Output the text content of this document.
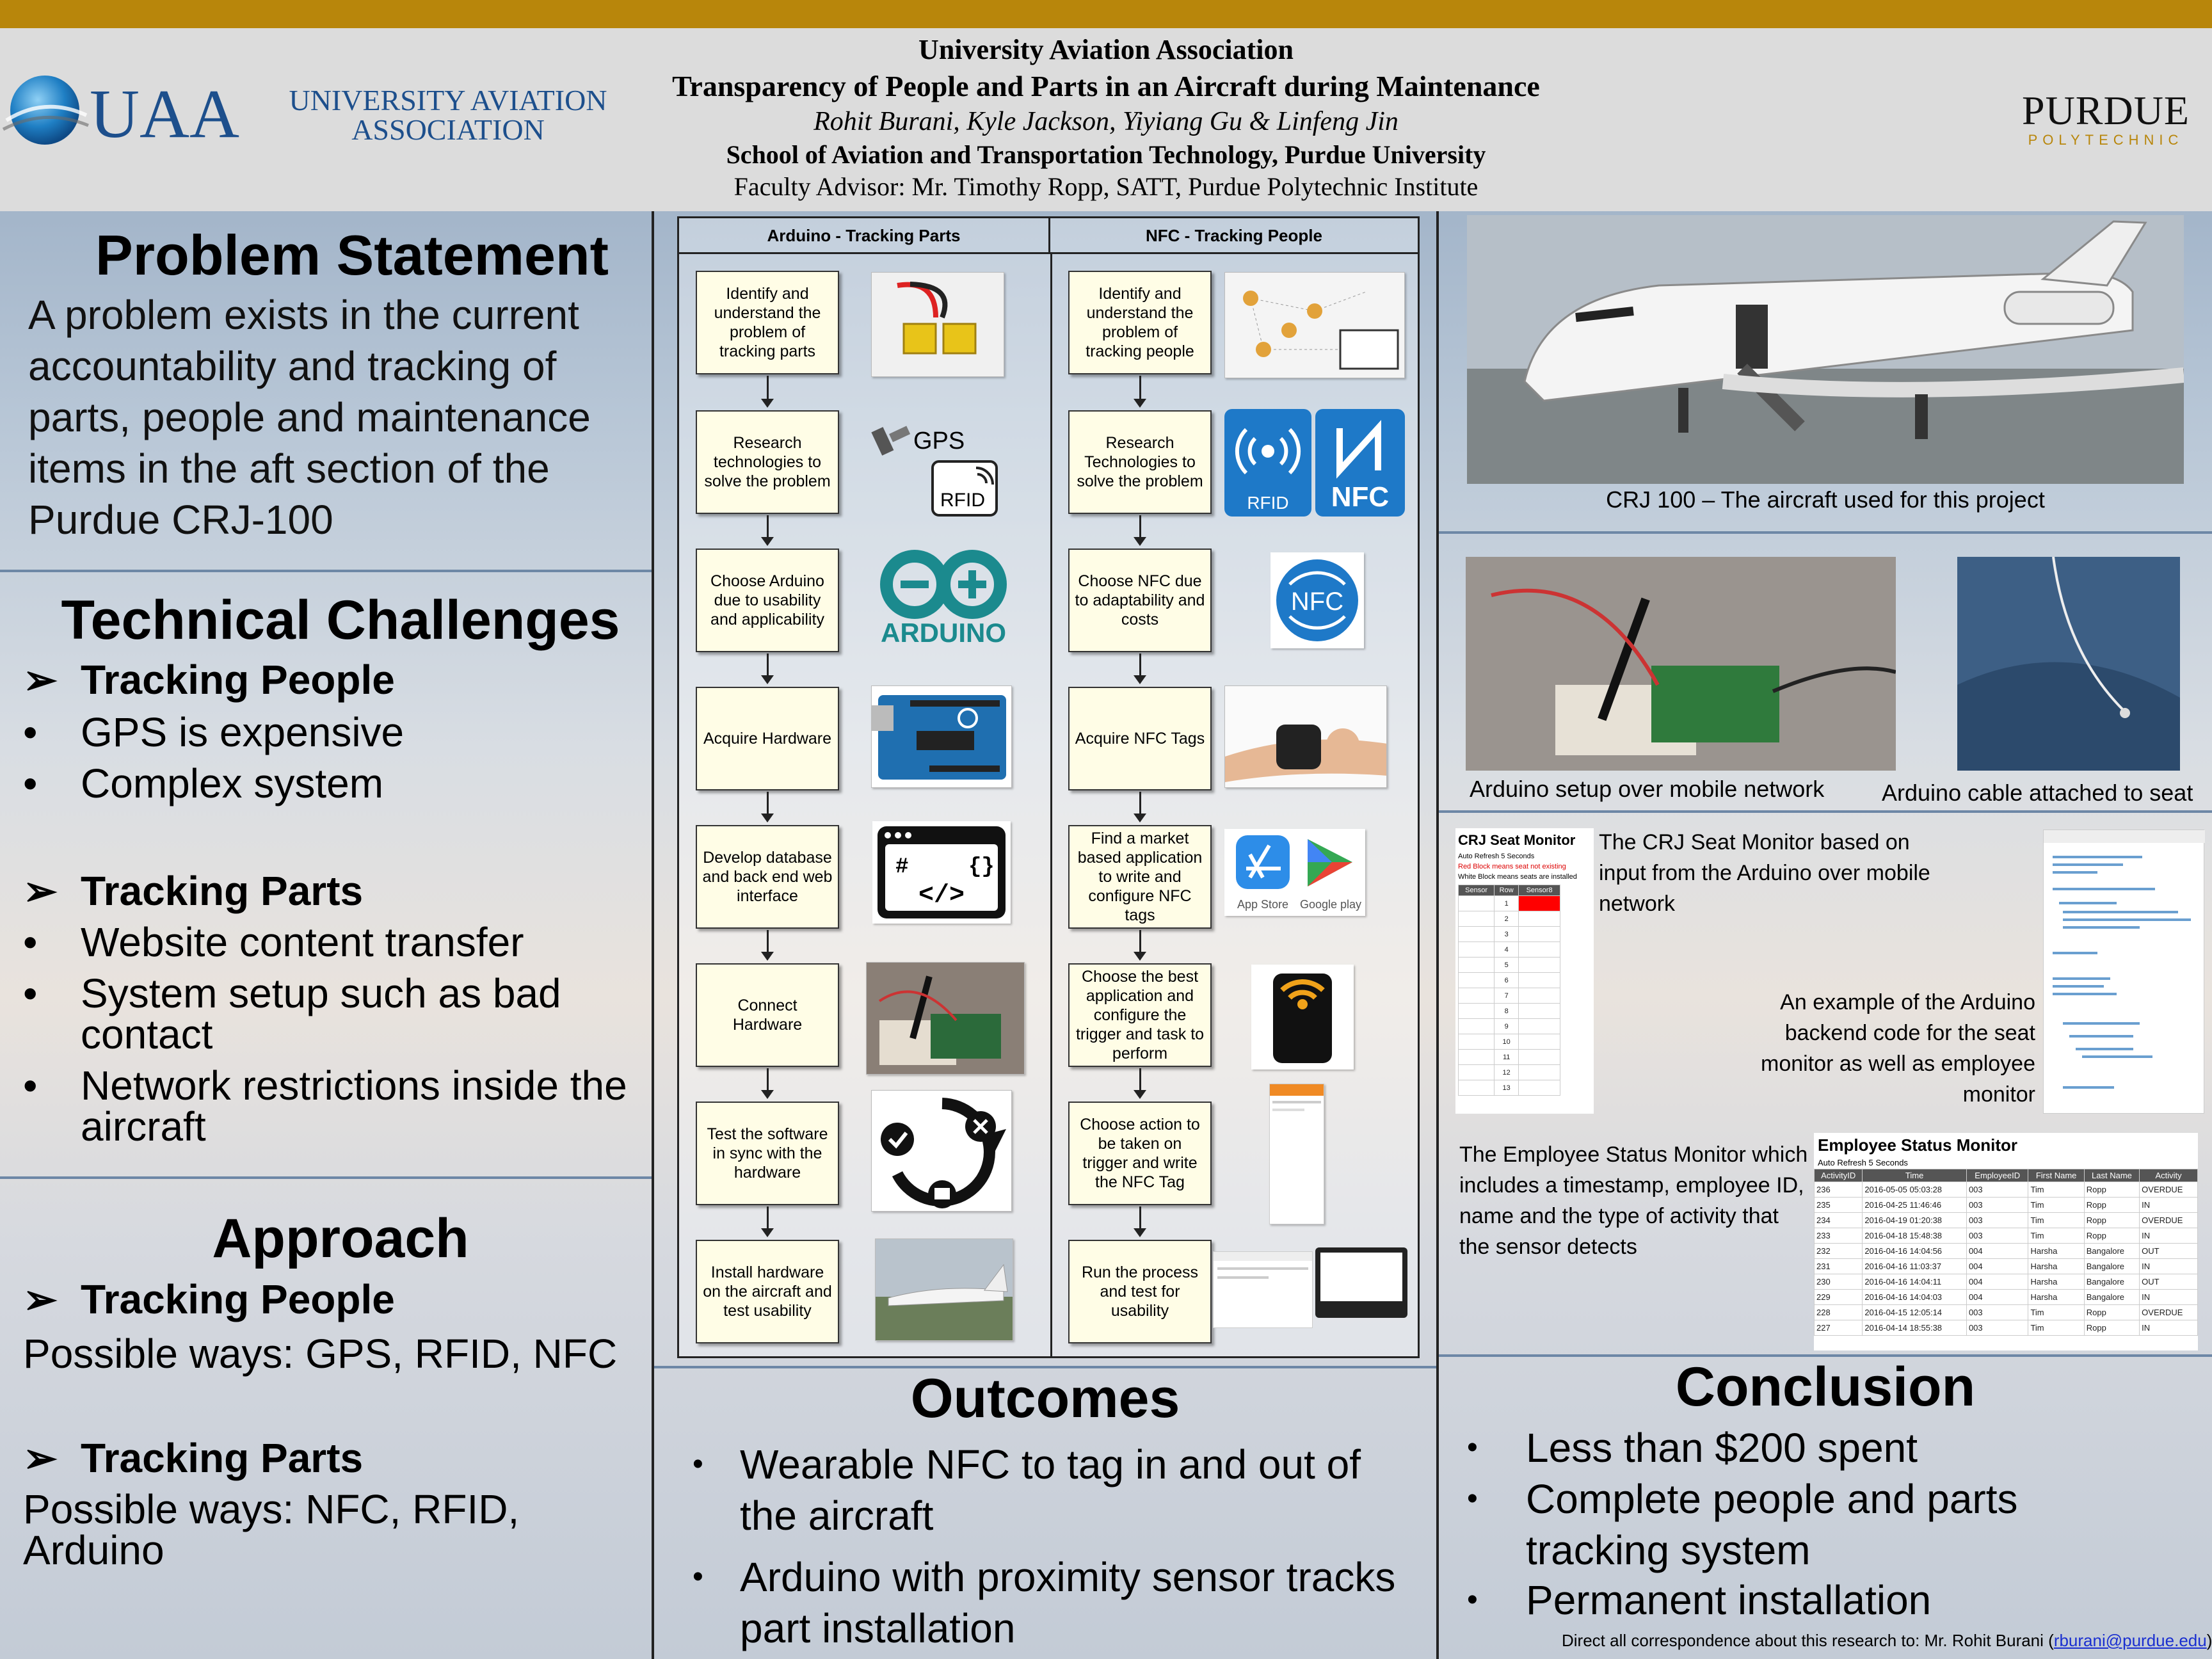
University Aviation Association
Transparency of People and Parts in an Aircraft during Maintenance
Rohit Burani, Kyle Jackson, Yiyiang Gu & Linfeng Jin
School of Aviation and Transportation Technology, Purdue University
Faculty Advisor: Mr. Timothy Ropp, SATT, Purdue Polytechnic Institute
UAA	UNIVERSITY AVIATION
ASSOCIATION	PURDUE
POLYTECHNIC
Problem Statement
A problem exists in the current accountability and tracking of parts, people and maintenance items in the aft section of the Purdue CRJ-100
Technical Challenges
➢ Tracking People
• GPS is expensive
• Complex system
➢ Tracking Parts
• Website content transfer
• System setup such as bad contact
• Network restrictions inside the aircraft
Approach
➢ Tracking People
Possible ways: GPS, RFID, NFC
➢ Tracking Parts
Possible ways: NFC, RFID, Arduino
Arduino - Tracking Parts	NFC - Tracking People
Identify and understand the problem of tracking parts
Research technologies to solve the problem
Choose Arduino due to usability and applicability
Acquire Hardware
Develop database and back end web interface
Connect Hardware
Test the software in sync with the hardware
Install hardware on the aircraft and test usability
Identify and understand the problem of tracking people
Research Technologies to solve the problem
Choose NFC due to adaptability and costs
Acquire NFC Tags
Find a market based application to write and configure NFC tags
Choose the best application and configure the trigger and task to perform
Choose action to be taken on trigger and write the NFC Tag
Run the process and test for usability
GPS
RFID
ARDUINO
#	{}
</>
RFID NFC
NFC
App Store Google play
Outcomes
• Wearable NFC to tag in and out of the aircraft
• Arduino with proximity sensor tracks part installation
CRJ 100 – The aircraft used for this project
Arduino setup over mobile network Arduino cable attached to seat
CRJ Seat Monitor
Auto Refresh 5 Seconds
Red Block means seat not existing
White Block means seats are installed
Sensor	Row	Sensor8
	1	
	2	
	3	
	4	
	5	
	6	
	7	
	8	
	9	
	10	
	11	
	12	
	13	
The CRJ Seat Monitor based on input from the Arduino over mobile network
An example of the Arduino backend code for the seat monitor as well as employee monitor
The Employee Status Monitor which includes a timestamp, employee ID, name and the type of activity that the sensor detects
Employee Status Monitor
Auto Refresh 5 Seconds
ActivityID	Time	EmployeeID	First Name	Last Name	Activity
236	2016-05-05 05:03:28	003	Tim	Ropp	OVERDUE
235	2016-04-25 11:46:46	003	Tim	Ropp	IN
234	2016-04-19 01:20:38	003	Tim	Ropp	OVERDUE
233	2016-04-18 15:48:38	003	Tim	Ropp	IN
232	2016-04-16 14:04:56	004	Harsha	Bangalore	OUT
231	2016-04-16 11:03:37	004	Harsha	Bangalore	IN
230	2016-04-16 14:04:11	004	Harsha	Bangalore	OUT
229	2016-04-16 14:04:03	004	Harsha	Bangalore	IN
228	2016-04-15 12:05:14	003	Tim	Ropp	OVERDUE
227	2016-04-14 18:55:38	003	Tim	Ropp	IN
Conclusion
• Less than $200 spent
• Complete people and parts tracking system
• Permanent installation
Direct all correspondence about this research to: Mr. Rohit Burani (rburani@purdue.edu)
